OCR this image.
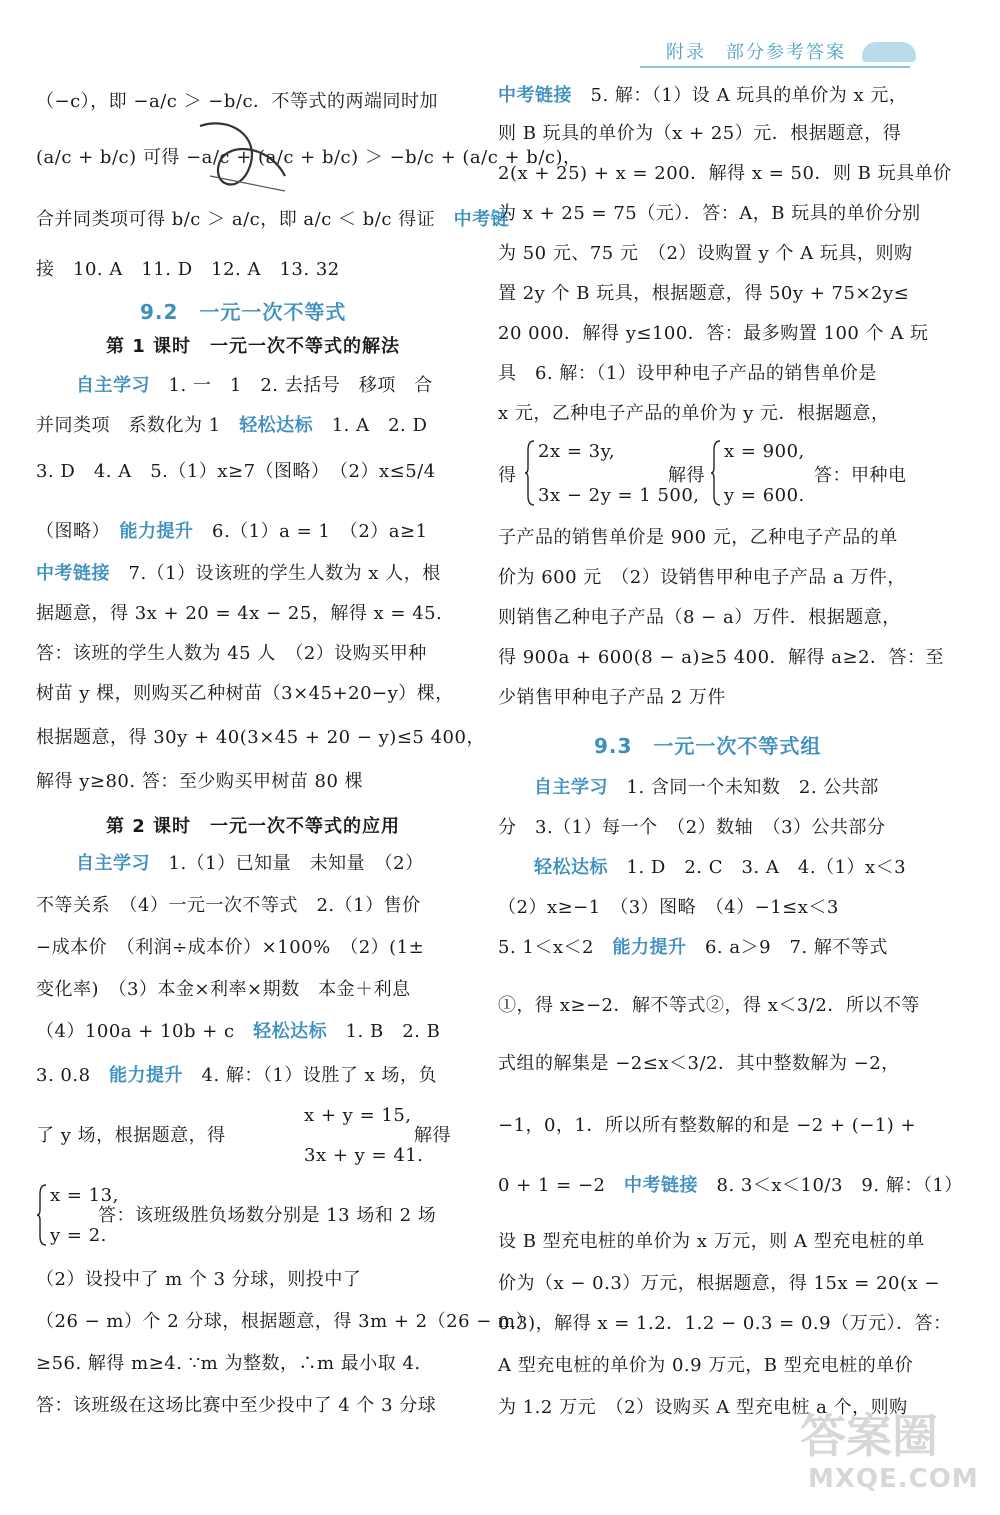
附录　部分参考答案
（−c），即 −a/c ＞ −b/c．不等式的两端同时加
(a/c + b/c) 可得 −a/c + (a/c + b/c) ＞ −b/c + (a/c + b/c)，
合并同类项可得 b/c ＞ a/c，即 a/c ＜ b/c 得证　 中考链
接　10. A　11. D　12. A　13. 32
9.2　一元一次不等式
第 1 课时　一元一次不等式的解法
自主学习　 1. 一　1　2. 去括号　移项　合
并同类项　系数化为 1　 轻松达标　 1. A　2. D
3. D　4. A　5.（1）x≥7（图略）　（2）x≤5/4
（图略）　 能力提升　 6.（1）a = 1　（2）a≥1
中考链接　 7.（1）设该班的学生人数为 x 人，根
据题意，得 3x + 20 = 4x − 25，解得 x = 45.
答：该班的学生人数为 45 人　（2）设购买甲种
树苗 y 棵，则购买乙种树苗（3×45+20−y）棵，
根据题意，得 30y + 40(3×45 + 20 − y)≤5 400，
解得 y≥80. 答：至少购买甲树苗 80 棵
第 2 课时　一元一次不等式的应用
自主学习　 1.（1）已知量　未知量　（2）
不等关系　（4）一元一次不等式　2.（1）售价
−成本价　（利润÷成本价）×100%　（2）(1±
变化率)　（3）本金×利率×期数　本金＋利息
（4）100a + 10b + c　 轻松达标　 1. B　2. B
3. 0.8　 能力提升　 4. 解：（1）设胜了 x 场，负
了 y 场，根据题意，得
x + y = 15,
3x + y = 41.
解得
x = 13,
y = 2.
答：该班级胜负场数分别是 13 场和 2 场
（2）设投中了 m 个 3 分球，则投中了
（26 − m）个 2 分球，根据题意，得 3m + 2（26 − m）
≥56. 解得 m≥4. ∵m 为整数，∴m 最小取 4.
答：该班级在这场比赛中至少投中了 4 个 3 分球
中考链接　 5. 解：（1）设 A 玩具的单价为 x 元，
则 B 玩具的单价为（x + 25）元．根据题意，得
2(x + 25) + x = 200．解得 x = 50．则 B 玩具单价
为 x + 25 = 75（元）．答：A，B 玩具的单价分别
为 50 元、75 元　（2）设购置 y 个 A 玩具，则购
置 2y 个 B 玩具，根据题意，得 50y + 75×2y≤
20 000．解得 y≤100．答：最多购置 100 个 A 玩
具　6. 解：（1）设甲种电子产品的销售单价是
x 元，乙种电子产品的单价为 y 元．根据题意，
得
2x = 3y,
3x − 2y = 1 500,
解得
x = 900,
y = 600.
答：甲种电
子产品的销售单价是 900 元，乙种电子产品的单
价为 600 元　（2）设销售甲种电子产品 a 万件，
则销售乙种电子产品（8 − a）万件．根据题意，
得 900a + 600(8 − a)≥5 400．解得 a≥2．答：至
少销售甲种电子产品 2 万件
9.3　一元一次不等式组
自主学习　 1. 含同一个未知数　2. 公共部
分　3.（1）每一个　（2）数轴　（3）公共部分
轻松达标　 1. D　2. C　3. A　4.（1）x＜3
（2）x≥−1　（3）图略　（4）−1≤x＜3
5. 1＜x＜2　 能力提升　 6. a＞9　7. 解不等式
①，得 x≥−2．解不等式②，得 x＜3/2．所以不等
式组的解集是 −2≤x＜3/2．其中整数解为 −2，
−1，0，1．所以所有整数解的和是 −2 + (−1) +
0 + 1 = −2　 中考链接　 8. 3＜x＜10/3　9. 解：（1）
设 B 型充电桩的单价为 x 万元，则 A 型充电桩的单
价为（x − 0.3）万元，根据题意，得 15x = 20(x −
0.3)，解得 x = 1.2．1.2 − 0.3 = 0.9（万元）．答：
A 型充电桩的单价为 0.9 万元，B 型充电桩的单价
为 1.2 万元　（2）设购买 A 型充电桩 a 个，则购
答案圈
MXQE.COM
